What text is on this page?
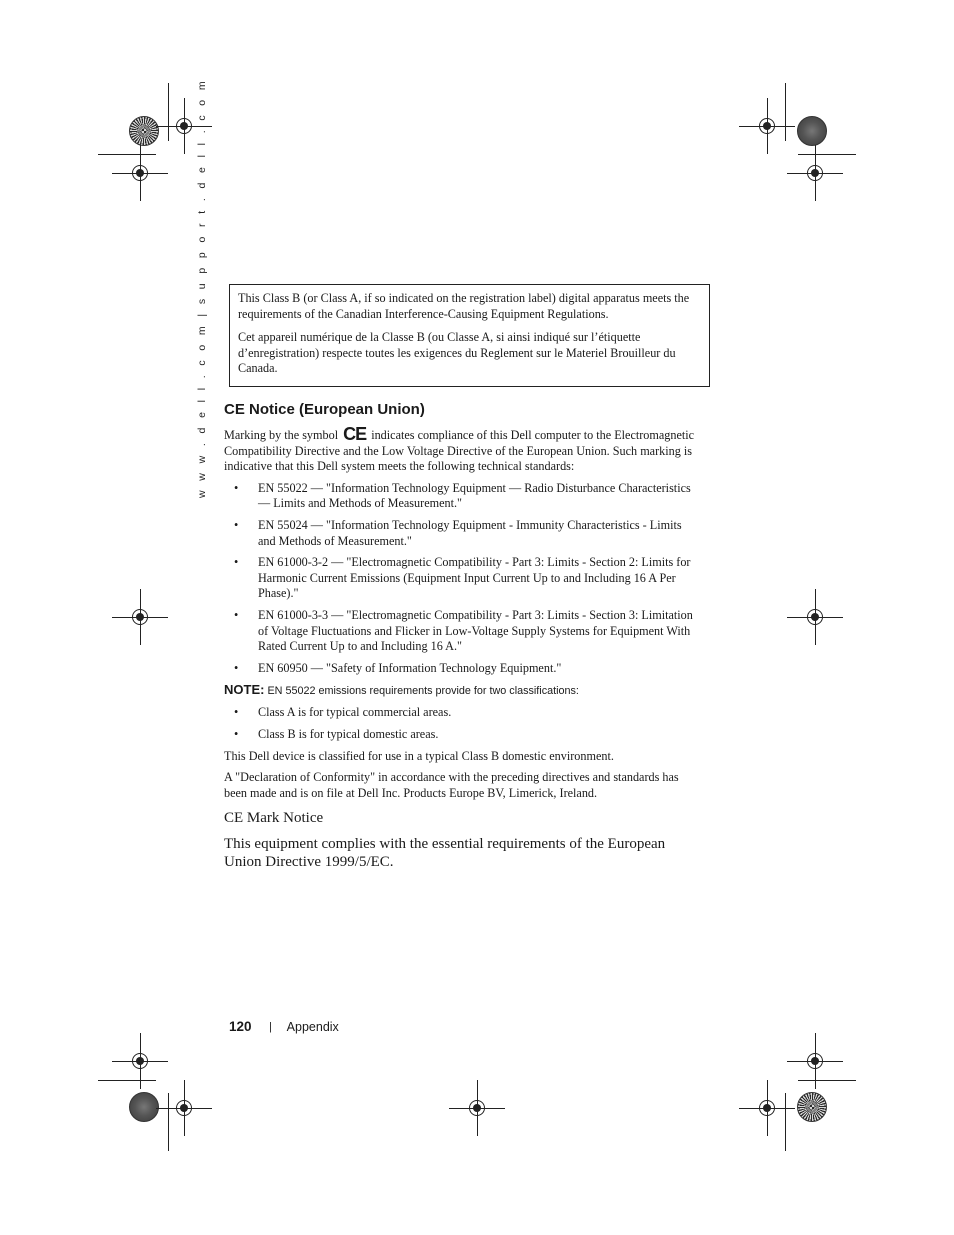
w w w . d e l l . c o m | s u p p o r t . d e l l . c o m This Class B (or Class A, if so indicated on the registration label) digital apparatus meets the requirements of the Canadian Interference-Causing Equipment Regulations.

Cet appareil numérique de la Classe B (ou Classe A, si ainsi indiqué sur l’étiquette d’enregistration) respecte toutes les exigences du Reglement sur le Materiel Brouilleur du Canada.

CE Notice (European Union)

Marking by the symbol CE indicates compliance of this Dell computer to the Electromagnetic Compatibility Directive and the Low Voltage Directive of the European Union. Such marking is indicative that this Dell system meets the following technical standards:

• EN 55022 — "Information Technology Equipment — Radio Disturbance Characteristics — Limits and Methods of Measurement."
• EN 55024 — "Information Technology Equipment - Immunity Characteristics - Limits and Methods of Measurement."
• EN 61000-3-2 — "Electromagnetic Compatibility - Part 3: Limits - Section 2: Limits for Harmonic Current Emissions (Equipment Input Current Up to and Including 16 A Per Phase)."
• EN 61000-3-3 — "Electromagnetic Compatibility - Part 3: Limits - Section 3: Limitation of Voltage Fluctuations and Flicker in Low-Voltage Supply Systems for Equipment With Rated Current Up to and Including 16 A."
• EN 60950 — "Safety of Information Technology Equipment."

NOTE: EN 55022 emissions requirements provide for two classifications:

• Class A is for typical commercial areas.
• Class B is for typical domestic areas.

This Dell device is classified for use in a typical Class B domestic environment.

A "Declaration of Conformity" in accordance with the preceding directives and standards has been made and is on file at Dell Inc. Products Europe BV, Limerick, Ireland.

CE Mark Notice

This equipment complies with the essential requirements of the European Union Directive 1999/5/EC.

120 | Appendix
